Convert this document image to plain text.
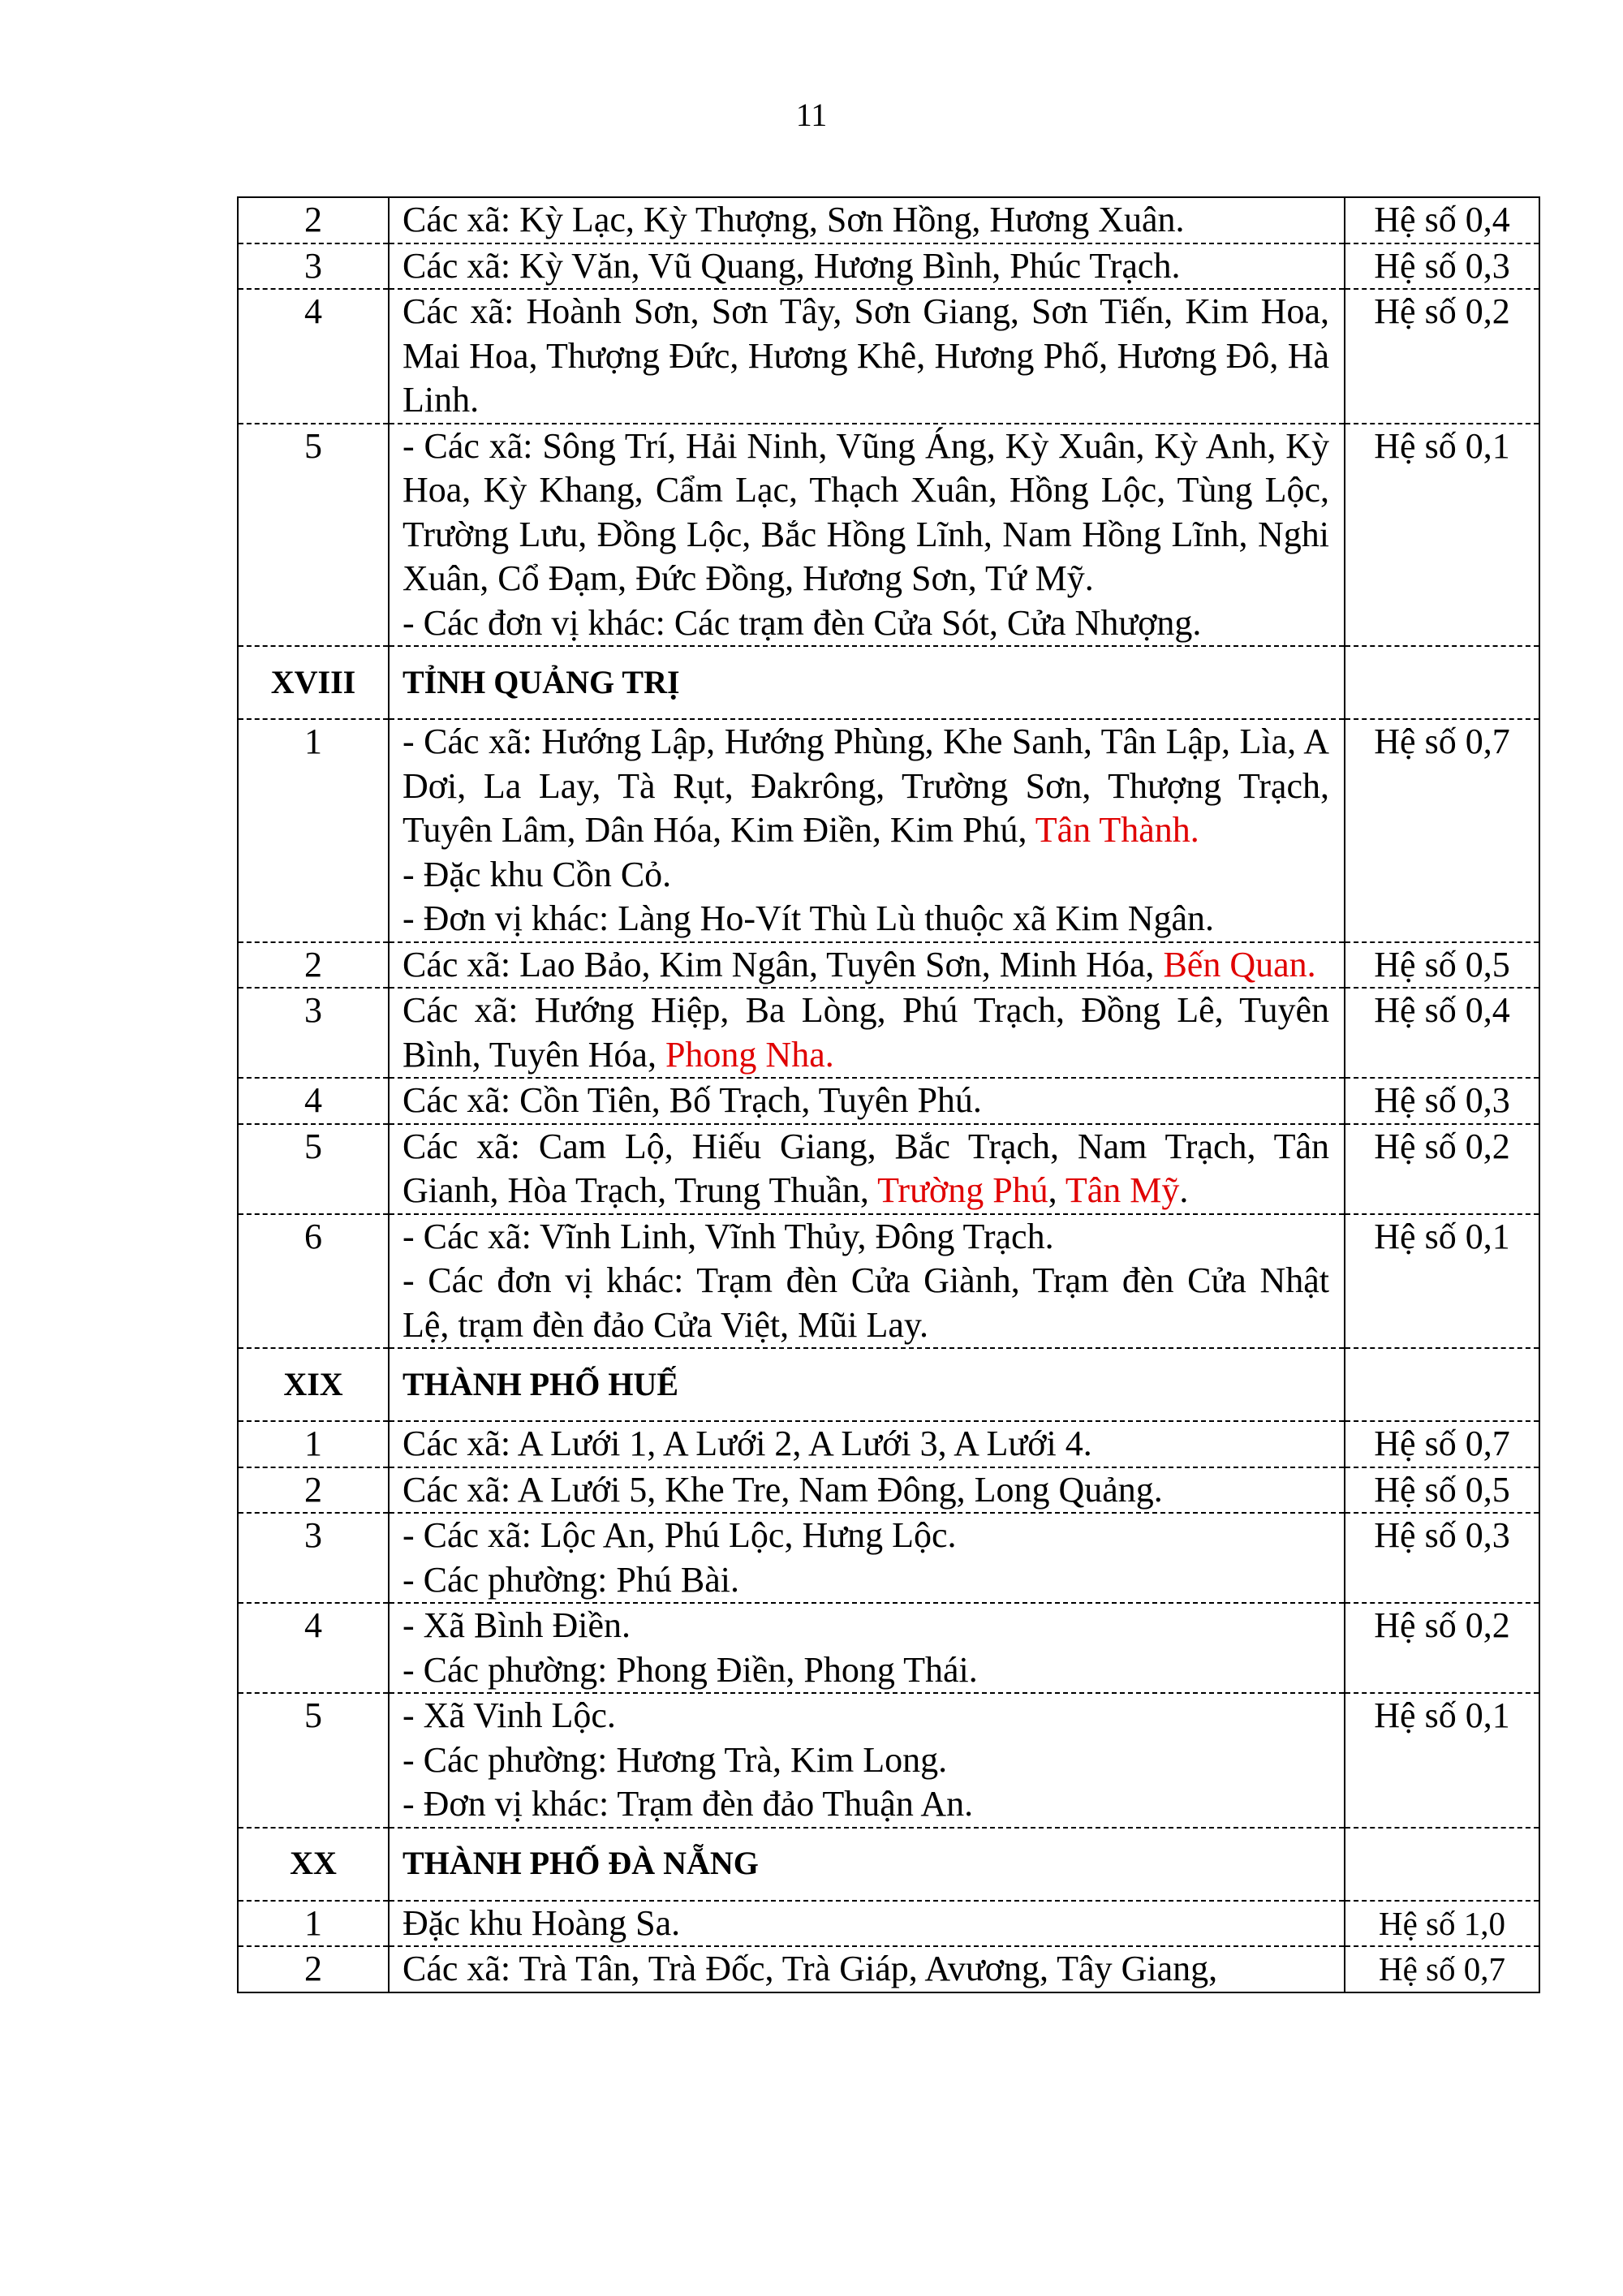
11
2	Các xã: Kỳ Lạc, Kỳ Thượng, Sơn Hồng, Hương Xuân.	Hệ số 0,4
3	Các xã: Kỳ Văn, Vũ Quang, Hương Bình, Phúc Trạch.	Hệ số 0,3
4	Các xã: Hoành Sơn, Sơn Tây, Sơn Giang, Sơn Tiến, Kim Hoa, Mai Hoa, Thượng Đức, Hương Khê, Hương Phố, Hương Đô, Hà Linh.	Hệ số 0,2
5	- Các xã: Sông Trí, Hải Ninh, Vũng Áng, Kỳ Xuân, Kỳ Anh, Kỳ Hoa, Kỳ Khang, Cẩm Lạc, Thạch Xuân, Hồng Lộc, Tùng Lộc, Trường Lưu, Đồng Lộc, Bắc Hồng Lĩnh, Nam Hồng Lĩnh, Nghi Xuân, Cổ Đạm, Đức Đồng, Hương Sơn, Tứ Mỹ.
- Các đơn vị khác: Các trạm đèn Cửa Sót, Cửa Nhượng.	Hệ số 0,1
XVIII	TỈNH QUẢNG TRỊ	
1	- Các xã: Hướng Lập, Hướng Phùng, Khe Sanh, Tân Lập, Lìa, A Dơi, La Lay, Tà Rụt, Đakrông, Trường Sơn, Thượng Trạch, Tuyên Lâm, Dân Hóa, Kim Điền, Kim Phú, Tân Thành.
- Đặc khu Cồn Cỏ.
- Đơn vị khác: Làng Ho-Vít Thù Lù thuộc xã Kim Ngân.	Hệ số 0,7
2	Các xã: Lao Bảo, Kim Ngân, Tuyên Sơn, Minh Hóa, Bến Quan.	Hệ số 0,5
3	Các xã: Hướng Hiệp, Ba Lòng, Phú Trạch, Đồng Lê, Tuyên Bình, Tuyên Hóa, Phong Nha.	Hệ số 0,4
4	Các xã: Cồn Tiên, Bố Trạch, Tuyên Phú.	Hệ số 0,3
5	Các xã: Cam Lộ, Hiếu Giang, Bắc Trạch, Nam Trạch, Tân Gianh, Hòa Trạch, Trung Thuần, Trường Phú, Tân Mỹ.	Hệ số 0,2
6	- Các xã: Vĩnh Linh, Vĩnh Thủy, Đông Trạch.
- Các đơn vị khác: Trạm đèn Cửa Giành, Trạm đèn Cửa Nhật Lệ, trạm đèn đảo Cửa Việt, Mũi Lay.	Hệ số 0,1
XIX	THÀNH PHỐ HUẾ	
1	Các xã: A Lưới 1, A Lưới 2, A Lưới 3, A Lưới 4.	Hệ số 0,7
2	Các xã: A Lưới 5, Khe Tre, Nam Đông, Long Quảng.	Hệ số 0,5
3	- Các xã: Lộc An, Phú Lộc, Hưng Lộc.
- Các phường: Phú Bài.	Hệ số 0,3
4	- Xã Bình Điền.
- Các phường: Phong Điền, Phong Thái.	Hệ số 0,2
5	- Xã Vinh Lộc.
- Các phường: Hương Trà, Kim Long.
- Đơn vị khác: Trạm đèn đảo Thuận An.	Hệ số 0,1
XX	THÀNH PHỐ ĐÀ NẴNG	
1	Đặc khu Hoàng Sa.	Hệ số 1,0
2	Các xã: Trà Tân, Trà Đốc, Trà Giáp, Avương, Tây Giang,	Hệ số 0,7
